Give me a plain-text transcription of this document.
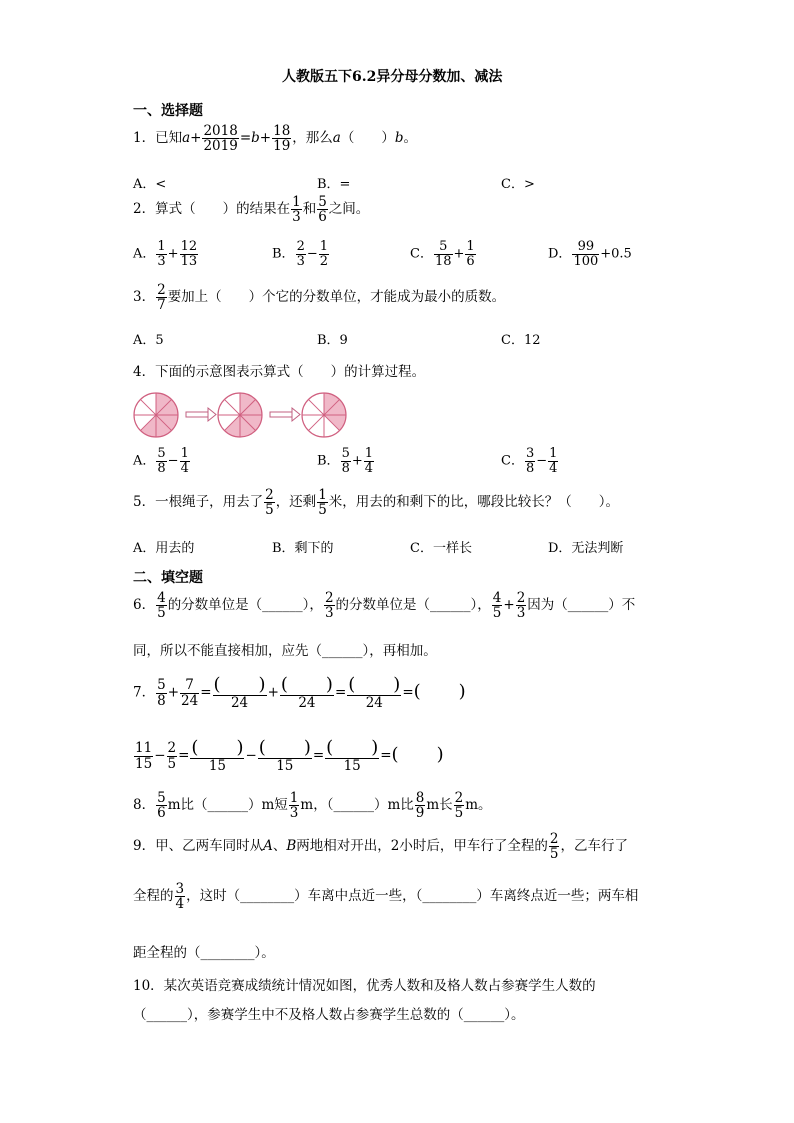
人教版五下6.2异分母分数加、减法
一、选择题
1．已知$a+ \frac{2018}{2019} =b+ \frac{18}{19}$ ，那么a（　　）b。
A．<	B．=	C．>
2．算式（　　）的结果在 $\frac{1}{3}$ 和 $\frac{5}{6}$ 之间。
A． $\frac{1}{3} + \frac{12}{13}$	B． $\frac{2}{3} - \frac{1}{2}$	C． $\frac{5}{18} + \frac{1}{6}$	D． $\frac{99}{100} +0.5$
3． $\frac{2}{7}$ 要加上（　　）个它的分数单位，才能成为最小的质数。
A．5	B．9	C．12
4．下面的示意图表示算式（　　）的计算过程。
A． $\frac{5}{8} - \frac{1}{4}$	B． $\frac{5}{8} + \frac{1}{4}$	C． $\frac{3}{8} - \frac{1}{4}$
5．一根绳子，用去了 $\frac{2}{5}$ ，还剩 $\frac{1}{5}$ 米，用去的和剩下的比，哪段比较长？（　　）。
A．用去的	B．剩下的	C．一样长	D．无法判断
二、填空题
6． $\frac{4}{5}$ 的分数单位是（______）， $\frac{2}{3}$ 的分数单位是（______）， $\frac{4}{5} + \frac{2}{3}$ 因为（______）不
同，所以不能直接相加，应先（______），再相加。
7． $\frac{5}{8} + \frac{7}{24}$ = ( )
24
+ ( )
24
= ( )
24
=( )
$\frac{11}{15} - \frac{2}{5}$ = ( )
15
− ( )
15
= ( )
15
=( )
8． $\frac{5}{6}$ m比（______）m短 $\frac{1}{3}$ m，（______）m比 $\frac{8}{9}$ m长 $\frac{2}{5}$ m。
9．甲、乙两车同时从A、B两地相对开出，2小时后，甲车行了全程的 $\frac{2}{5}$ ，乙车行了
全程的 $\frac{3}{4}$ ，这时（________）车离中点近一些，（________）车离终点近一些；两车相
距全程的（________）。
10．某次英语竞赛成绩统计情况如图，优秀人数和及格人数占参赛学生人数的
（______），参赛学生中不及格人数占参赛学生总数的（______）。
